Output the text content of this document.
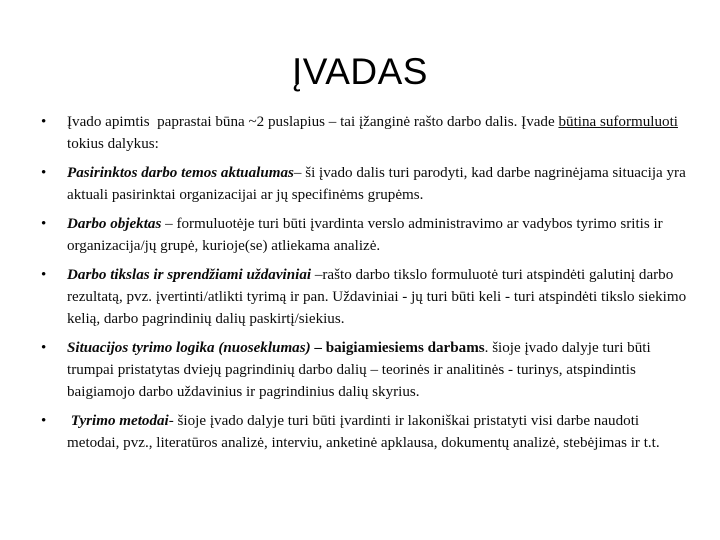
ĮVADAS
• Įvado apimtis  paprastai būna ~2 puslapius – tai įžanginė rašto darbo dalis. Įvade būtina suformuluoti tokius dalykus:
• Pasirinktos darbo temos aktualumas– ši įvado dalis turi parodyti, kad darbe nagrinėjama situacija yra aktuali pasirinktai organizacijai ar jų specifinėms grupėms.
• Darbo objektas – formuluotėje turi būti įvardinta verslo administravimo ar vadybos tyrimo sritis ir organizacija/jų grupė, kurioje(se) atliekama analizė.
• Darbo tikslas ir sprendžiami uždaviniai –rašto darbo tikslo formuluotė turi atspindėti galutinį darbo rezultatą, pvz. įvertinti/atlikti tyrimą ir pan. Uždaviniai - jų turi būti keli - turi atspindėti tikslo siekimo kelią, darbo pagrindinių dalių paskirtį/siekius.
• Situacijos tyrimo logika (nuoseklumas) – baigiamiesiems darbams. šioje įvado dalyje turi būti trumpai pristatytas dviejų pagrindinių darbo dalių – teorinės ir analitinės - turinys, atspindintis baigiamojo darbo uždavinius ir pagrindinius dalių skyrius.
• Tyrimo metodai- šioje įvado dalyje turi būti įvardinti ir lakoniškai pristatyti visi darbe naudoti metodai, pvz., literatūros analizė, interviu, anketinė apklausa, dokumentų analizė, stebėjimas ir t.t.
